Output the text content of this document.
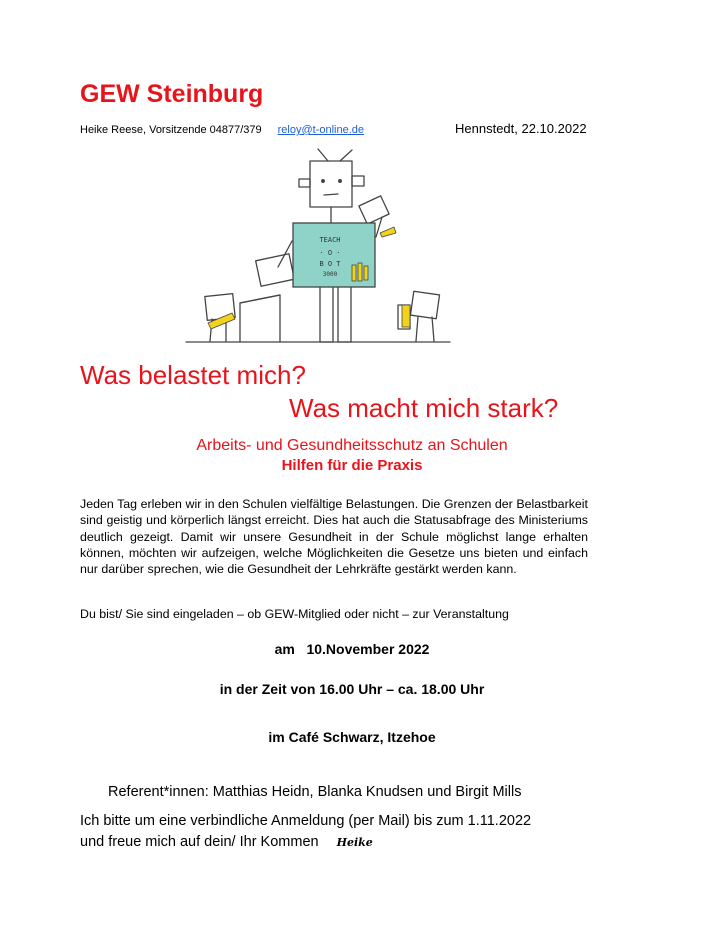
GEW Steinburg
Heike Reese, Vorsitzende 04877/379 reloy@t-online.de	Hennstedt, 22.10.2022
TEACH
· O ·
B O T
3000
Was belastet mich?
Was macht mich stark?
Arbeits- und Gesundheitsschutz an Schulen
Hilfen für die Praxis
Jeden Tag erleben wir in den Schulen vielfältige Belastungen. Die Grenzen der Belastbarkeit sind geistig und körperlich längst erreicht. Dies hat auch die Statusabfrage des Ministeriums deutlich gezeigt. Damit wir unsere Gesundheit in der Schule möglichst lange erhalten können, möchten wir aufzeigen, welche Möglichkeiten die Gesetze uns bieten und einfach nur darüber sprechen, wie die Gesundheit der Lehrkräfte gestärkt werden kann.
Du bist/ Sie sind eingeladen – ob GEW-Mitglied oder nicht – zur Veranstaltung
am   10.November 2022
in der Zeit von 16.00 Uhr – ca. 18.00 Uhr
im Café Schwarz, Itzehoe
Referent*innen: Matthias Heidn, Blanka Knudsen und Birgit Mills
Ich bitte um eine verbindliche Anmeldung (per Mail) bis zum 1.11.2022
und freue mich auf dein/ Ihr Kommen Heike
